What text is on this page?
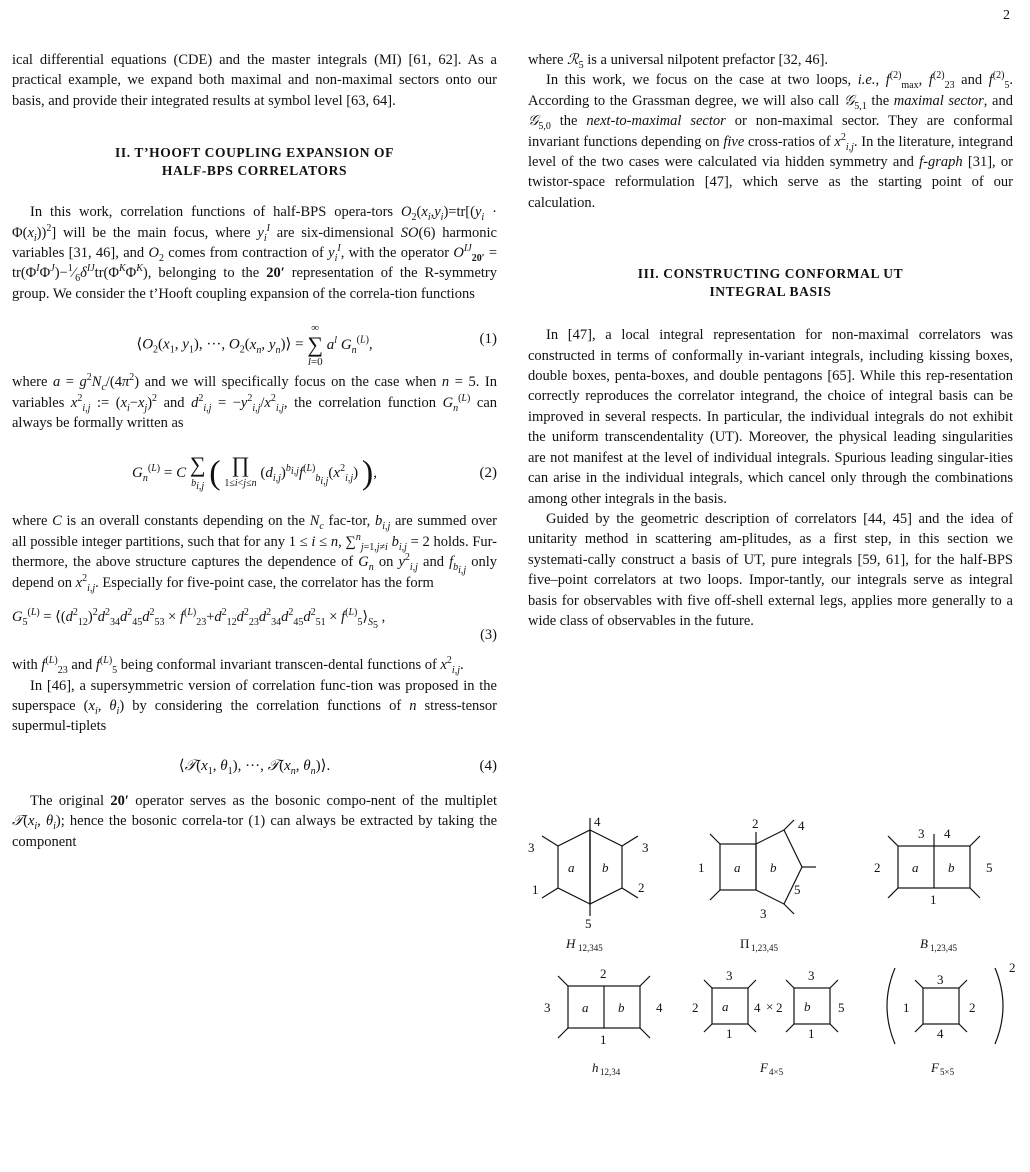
2

ical differential equations (CDE) and the master integrals (MI) [61, 62]. As a practical example, we expand both maximal and non-maximal sectors onto our basis, and provide their integrated results at symbol level [63, 64].

II. T’HOOFT COUPLING EXPANSION OF
HALF-BPS CORRELATORS

In this work, correlation functions of half-BPS opera-tors $O_2(x_i,y_i)=tr[(y_i \cdot \Phi(x_i))^2]$ will be the main focus, where $y_i^I$ are six-dimensional SO(6) harmonic variables [31, 46], and $O_2$ comes from contraction of $y_i^I$, with the operator $O^{IJ}_{20'}$ = $tr(\Phi^I\Phi^J)-^1⁄_6\delta^{IJ}tr(\Phi^K\Phi^K)$, belonging to the 20′ representation of the R-symmetry group. We consider the t’Hooft coupling expansion of the correla-tion functions

$⟨O_2(x_1$, $y_1$), ···, $O_2(x_n$, $y_n)⟩$ = ∞
∑
l=0 $a^l$ $G_n^{(L)}$,	(1)

where $a = g^2N_c/(4\pi^2)$ and we will specifically focus on the case when n = 5. In variables $x^2_{i,j}$ := $(x_i-x_j)^2$ and $d^2_{i,j} = -y^2_{i,j}/x^2_{i,j}$, the correlation function $G_n^{(L)}$ can always be formally written as

$G_n^{(L)} = C$ ∑
$b_{i,j}$ ( ∏
1≤i<j≤n $(d_{i,j})^{b_{i,j}}f^{(L)}_{b_{i,j}}(x^2_{i,j})$ ),	(2)

where C is an overall constants depending on the $N_c$ fac-tor, $b_{i,j}$ are summed over all possible integer partitions, such that for any 1 ≤ i ≤ n, ∑$^n_{j=1,j\ne i}$ $b_{i,j} = 2$ holds. Fur-thermore, the above structure captures the dependence of $G_n$ on $y^2_{i,j}$ and $f_{b_{i,j}}$ only depend on $x^2_{i,j}$. Especially for five-point case, the correlator has the form

$G_5^{(L)}$ = $⟨(d^2_{12})^2d^2_{34}d^2_{45}d^2_{53} \times f^{(L)}_{23}+d^2_{12}d^2_{23}d^2_{34}d^2_{45}d^2_{51}$ × $f^{(L)}_5⟩_{S_5}$ ,
(3)

with $f^{(L)}_{23}$ and $f^{(L)}_5$ being conformal invariant transcen-dental functions of $x^2_{i,j}$.

In [46], a supersymmetric version of correlation func-tion was proposed in the superspace ($x_i$, $\theta_i$) by considering the correlation functions of n stress-tensor supermul-tiplets

$⟨𝒯(x_1$, $\theta_1$), ···, $𝒯(x_n$, $\theta_n)⟩$.	(4)

The original 20′ operator serves as the bosonic compo-nent of the multiplet $𝒯(x_i$, $\theta_i$); hence the bosonic correla-tor (1) can always be extracted by taking the component

where ℛ$_5$ is a universal nilpotent prefactor [32, 46].

In this work, we focus on the case at two loops, i.e., $f^{(2)}_{max}$, $f^{(2)}_{23}$ and $f^{(2)}_5$. According to the Grassman degree, we will also call 𝒢$_{5,1}$ the maximal sector, and 𝒢$_{5,0}$ the next-to-maximal sector or non-maximal sector. They are conformal invariant functions depending on five cross-ratios of $x^2_{i,j}$. In the literature, integrand level of the two cases were calculated via hidden symmetry and f-graph [31], or twistor-space reformulation [47], which serve as the starting point of our calculation.

III. CONSTRUCTING CONFORMAL UT
INTEGRAL BASIS

In [47], a local integral representation for non-maximal correlators was constructed in terms of conformally in-variant integrals, including kissing boxes, double boxes, penta-boxes, and double pentagons [65]. While this rep-resentation correctly reproduces the correlator integrand, the choice of integral basis can be improved in several respects. In particular, the individual integrals do not exhibit the uniform transcendentality (UT). Moreover, the physical leading singularities are not manifest at the level of individual integrals. Spurious leading singular-ities can arise in the individual integrals, which cancel only through the combinations among other integrals in the basis.

Guided by the geometric description of correlators [44, 45] and the idea of unitarity method in scattering am-plitudes, as a first step, in this section we systemati-cally construct a basis of UT, pure integrals [59, 61], for the half-BPS five–point correlators at two loops. Impor-tantly, our integrals serve as integral basis for observables with five off-shell external legs, applies more generally to a wide class of observables in the future.

3
4
3
1
5
2
a b
H 12,345
1
2	4
5
3
a b
Π 1,23,45
2
3 4
5
1
a b
B 1,23,45
2
3	4
1
a b
h 12,34
3
2	4
1
a	×
3
2	5
1
b
F 4×5
3
1	2
4
2
F 5×5
